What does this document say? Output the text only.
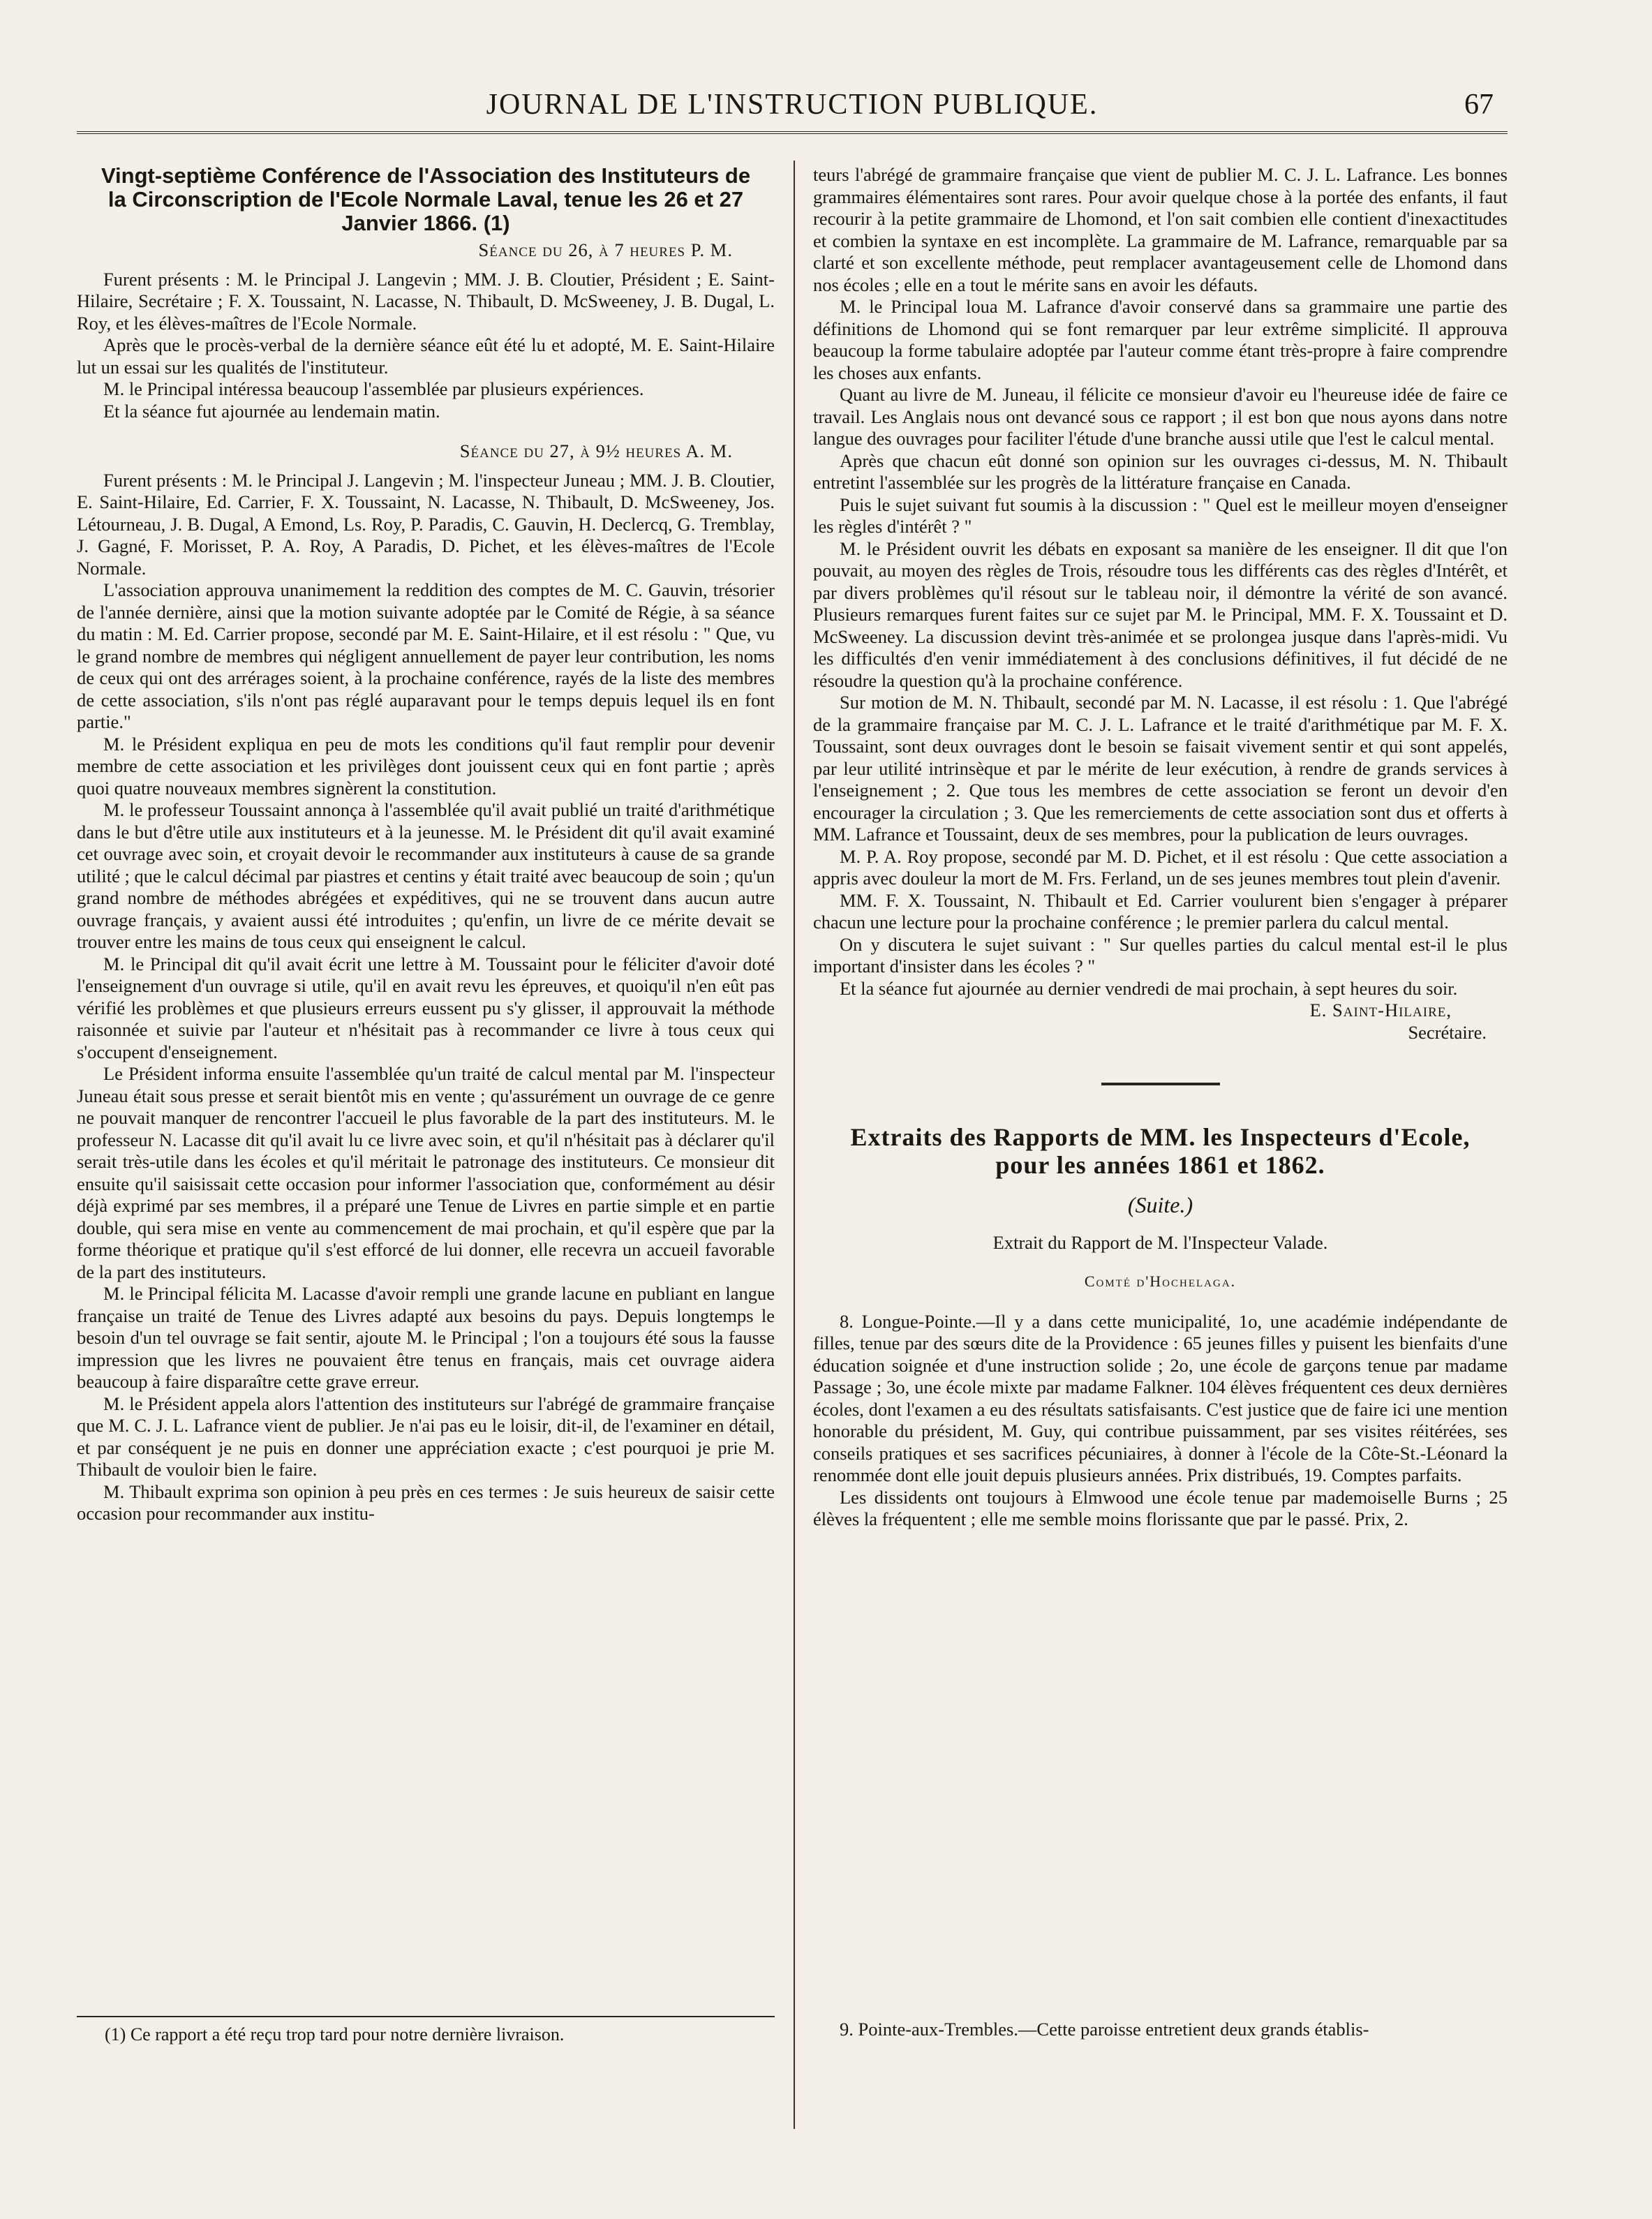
JOURNAL DE L'INSTRUCTION PUBLIQUE.	67
Vingt-septième Conférence de l'Association des Instituteurs de la Circonscription de l'Ecole Normale Laval, tenue les 26 et 27 Janvier 1866. (1)
Séance du 26, à 7 heures P. M.

Furent présents : M. le Principal J. Langevin ; MM. J. B. Cloutier, Président ; E. Saint-Hilaire, Secrétaire ; F. X. Toussaint, N. Lacasse, N. Thibault, D. McSweeney, J. B. Dugal, L. Roy, et les élèves-maîtres de l'Ecole Normale.

Après que le procès-verbal de la dernière séance eût été lu et adopté, M. E. Saint-Hilaire lut un essai sur les qualités de l'instituteur.

M. le Principal intéressa beaucoup l'assemblée par plusieurs expériences.

Et la séance fut ajournée au lendemain matin.

Séance du 27, à 9½ heures A. M.

Furent présents : M. le Principal J. Langevin ; M. l'inspecteur Juneau ; MM. J. B. Cloutier, E. Saint-Hilaire, Ed. Carrier, F. X. Toussaint, N. Lacasse, N. Thibault, D. McSweeney, Jos. Létourneau, J. B. Dugal, A Emond, Ls. Roy, P. Paradis, C. Gauvin, H. Declercq, G. Tremblay, J. Gagné, F. Morisset, P. A. Roy, A Paradis, D. Pichet, et les élèves-maîtres de l'Ecole Normale.

L'association approuva unanimement la reddition des comptes de M. C. Gauvin, trésorier de l'année dernière, ainsi que la motion suivante adoptée par le Comité de Régie, à sa séance du matin : M. Ed. Carrier propose, secondé par M. E. Saint-Hilaire, et il est résolu : " Que, vu le grand nombre de membres qui négligent annuellement de payer leur contribution, les noms de ceux qui ont des arrérages soient, à la prochaine conférence, rayés de la liste des membres de cette association, s'ils n'ont pas réglé auparavant pour le temps depuis lequel ils en font partie."

M. le Président expliqua en peu de mots les conditions qu'il faut remplir pour devenir membre de cette association et les privilèges dont jouissent ceux qui en font partie ; après quoi quatre nouveaux membres signèrent la constitution.

M. le professeur Toussaint annonça à l'assemblée qu'il avait publié un traité d'arithmétique dans le but d'être utile aux instituteurs et à la jeunesse. M. le Président dit qu'il avait examiné cet ouvrage avec soin, et croyait devoir le recommander aux instituteurs à cause de sa grande utilité ; que le calcul décimal par piastres et centins y était traité avec beaucoup de soin ; qu'un grand nombre de méthodes abrégées et expéditives, qui ne se trouvent dans aucun autre ouvrage français, y avaient aussi été introduites ; qu'enfin, un livre de ce mérite devait se trouver entre les mains de tous ceux qui enseignent le calcul.

M. le Principal dit qu'il avait écrit une lettre à M. Toussaint pour le féliciter d'avoir doté l'enseignement d'un ouvrage si utile, qu'il en avait revu les épreuves, et quoiqu'il n'en eût pas vérifié les problèmes et que plusieurs erreurs eussent pu s'y glisser, il approuvait la méthode raisonnée et suivie par l'auteur et n'hésitait pas à recommander ce livre à tous ceux qui s'occupent d'enseignement.

Le Président informa ensuite l'assemblée qu'un traité de calcul mental par M. l'inspecteur Juneau était sous presse et serait bientôt mis en vente ; qu'assurément un ouvrage de ce genre ne pouvait manquer de rencontrer l'accueil le plus favorable de la part des instituteurs. M. le professeur N. Lacasse dit qu'il avait lu ce livre avec soin, et qu'il n'hésitait pas à déclarer qu'il serait très-utile dans les écoles et qu'il méritait le patronage des instituteurs. Ce monsieur dit ensuite qu'il saisissait cette occasion pour informer l'association que, conformément au désir déjà exprimé par ses membres, il a préparé une Tenue de Livres en partie simple et en partie double, qui sera mise en vente au commencement de mai prochain, et qu'il espère que par la forme théorique et pratique qu'il s'est efforcé de lui donner, elle recevra un accueil favorable de la part des instituteurs.

M. le Principal félicita M. Lacasse d'avoir rempli une grande lacune en publiant en langue française un traité de Tenue des Livres adapté aux besoins du pays. Depuis longtemps le besoin d'un tel ouvrage se fait sentir, ajoute M. le Principal ; l'on a toujours été sous la fausse impression que les livres ne pouvaient être tenus en français, mais cet ouvrage aidera beaucoup à faire disparaître cette grave erreur.

M. le Président appela alors l'attention des instituteurs sur l'abrégé de grammaire française que M. C. J. L. Lafrance vient de publier. Je n'ai pas eu le loisir, dit-il, de l'examiner en détail, et par conséquent je ne puis en donner une appréciation exacte ; c'est pourquoi je prie M. Thibault de vouloir bien le faire.

M. Thibault exprima son opinion à peu près en ces termes : Je suis heureux de saisir cette occasion pour recommander aux institu-

(1) Ce rapport a été reçu trop tard pour notre dernière livraison.

teurs l'abrégé de grammaire française que vient de publier M. C. J. L. Lafrance. Les bonnes grammaires élémentaires sont rares. Pour avoir quelque chose à la portée des enfants, il faut recourir à la petite grammaire de Lhomond, et l'on sait combien elle contient d'inexactitudes et combien la syntaxe en est incomplète. La grammaire de M. Lafrance, remarquable par sa clarté et son excellente méthode, peut remplacer avantageusement celle de Lhomond dans nos écoles ; elle en a tout le mérite sans en avoir les défauts.

M. le Principal loua M. Lafrance d'avoir conservé dans sa grammaire une partie des définitions de Lhomond qui se font remarquer par leur extrême simplicité. Il approuva beaucoup la forme tabulaire adoptée par l'auteur comme étant très-propre à faire comprendre les choses aux enfants.

Quant au livre de M. Juneau, il félicite ce monsieur d'avoir eu l'heureuse idée de faire ce travail. Les Anglais nous ont devancé sous ce rapport ; il est bon que nous ayons dans notre langue des ouvrages pour faciliter l'étude d'une branche aussi utile que l'est le calcul mental.

Après que chacun eût donné son opinion sur les ouvrages ci-dessus, M. N. Thibault entretint l'assemblée sur les progrès de la littérature française en Canada.

Puis le sujet suivant fut soumis à la discussion : " Quel est le meilleur moyen d'enseigner les règles d'intérêt ? "

M. le Président ouvrit les débats en exposant sa manière de les enseigner. Il dit que l'on pouvait, au moyen des règles de Trois, résoudre tous les différents cas des règles d'Intérêt, et par divers problèmes qu'il résout sur le tableau noir, il démontre la vérité de son avancé. Plusieurs remarques furent faites sur ce sujet par M. le Principal, MM. F. X. Toussaint et D. McSweeney. La discussion devint très-animée et se prolongea jusque dans l'après-midi. Vu les difficultés d'en venir immédiatement à des conclusions définitives, il fut décidé de ne résoudre la question qu'à la prochaine conférence.

Sur motion de M. N. Thibault, secondé par M. N. Lacasse, il est résolu : 1. Que l'abrégé de la grammaire française par M. C. J. L. Lafrance et le traité d'arithmétique par M. F. X. Toussaint, sont deux ouvrages dont le besoin se faisait vivement sentir et qui sont appelés, par leur utilité intrinsèque et par le mérite de leur exécution, à rendre de grands services à l'enseignement ; 2. Que tous les membres de cette association se feront un devoir d'en encourager la circulation ; 3. Que les remerciements de cette association sont dus et offerts à MM. Lafrance et Toussaint, deux de ses membres, pour la publication de leurs ouvrages.

M. P. A. Roy propose, secondé par M. D. Pichet, et il est résolu : Que cette association a appris avec douleur la mort de M. Frs. Ferland, un de ses jeunes membres tout plein d'avenir.

MM. F. X. Toussaint, N. Thibault et Ed. Carrier voulurent bien s'engager à préparer chacun une lecture pour la prochaine conférence ; le premier parlera du calcul mental.

On y discutera le sujet suivant : " Sur quelles parties du calcul mental est-il le plus important d'insister dans les écoles ? "

Et la séance fut ajournée au dernier vendredi de mai prochain, à sept heures du soir.

E. Saint-Hilaire,
Secrétaire.
Extraits des Rapports de MM. les Inspecteurs d'Ecole, pour les années 1861 et 1862.
(Suite.)
Extrait du Rapport de M. l'Inspecteur Valade.
Comté d'Hochelaga.

8. Longue-Pointe.—Il y a dans cette municipalité, 1o, une académie indépendante de filles, tenue par des sœurs dite de la Providence : 65 jeunes filles y puisent les bienfaits d'une éducation soignée et d'une instruction solide ; 2o, une école de garçons tenue par madame Passage ; 3o, une école mixte par madame Falkner. 104 élèves fréquentent ces deux dernières écoles, dont l'examen a eu des résultats satisfaisants. C'est justice que de faire ici une mention honorable du président, M. Guy, qui contribue puissamment, par ses visites réitérées, ses conseils pratiques et ses sacrifices pécuniaires, à donner à l'école de la Côte-St.-Léonard la renommée dont elle jouit depuis plusieurs années. Prix distribués, 19. Comptes parfaits.

Les dissidents ont toujours à Elmwood une école tenue par mademoiselle Burns ; 25 élèves la fréquentent ; elle me semble moins florissante que par le passé. Prix, 2.

9. Pointe-aux-Trembles.—Cette paroisse entretient deux grands établis-
